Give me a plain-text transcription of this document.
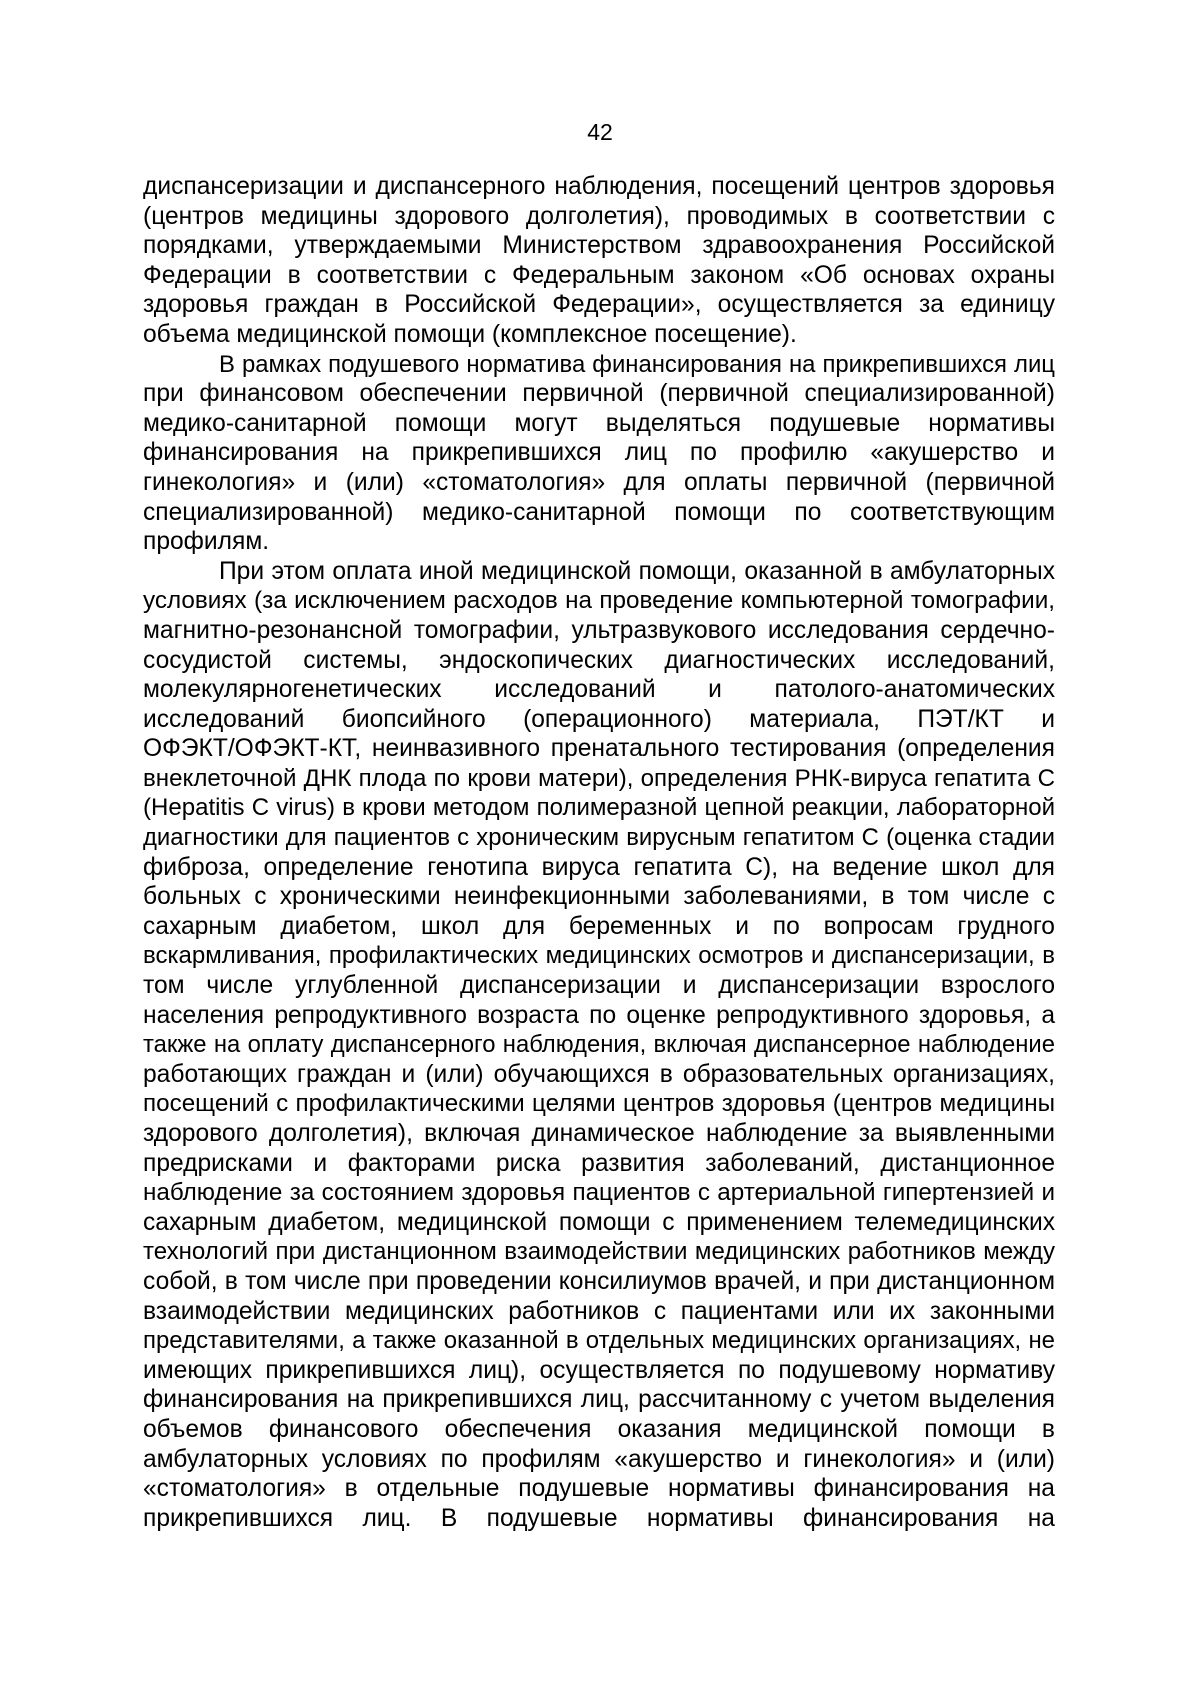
42
диспансеризации и диспансерного наблюдения, посещений центров здоровья
(центров медицины здорового долголетия), проводимых в соответствии с
порядками, утверждаемыми Министерством здравоохранения Российской
Федерации в соответствии с Федеральным законом «Об основах охраны
здоровья граждан в Российской Федерации», осуществляется за единицу
объема медицинской помощи (комплексное посещение).
В рамках подушевого норматива финансирования на прикрепившихся лиц
при финансовом обеспечении первичной (первичной специализированной)
медико-санитарной помощи могут выделяться подушевые нормативы
финансирования на прикрепившихся лиц по профилю «акушерство и
гинекология» и (или) «стоматология» для оплаты первичной (первичной
специализированной) медико-санитарной помощи по соответствующим
профилям.
При этом оплата иной медицинской помощи, оказанной в амбулаторных
условиях (за исключением расходов на проведение компьютерной томографии,
магнитно-резонансной томографии, ультразвукового исследования сердечно-
сосудистой системы, эндоскопических диагностических исследований,
молекулярногенетических исследований и патолого-анатомических
исследований биопсийного (операционного) материала, ПЭТ/КТ и
ОФЭКТ/ОФЭКТ-КТ, неинвазивного пренатального тестирования (определения
внеклеточной ДНК плода по крови матери), определения РНК-вируса гепатита С
(Hepatitis С virus) в крови методом полимеразной цепной реакции, лабораторной
диагностики для пациентов с хроническим вирусным гепатитом С (оценка стадии
фиброза, определение генотипа вируса гепатита С), на ведение школ для
больных с хроническими неинфекционными заболеваниями, в том числе с
сахарным диабетом, школ для беременных и по вопросам грудного
вскармливания, профилактических медицинских осмотров и диспансеризации, в
том числе углубленной диспансеризации и диспансеризации взрослого
населения репродуктивного возраста по оценке репродуктивного здоровья, а
также на оплату диспансерного наблюдения, включая диспансерное наблюдение
работающих граждан и (или) обучающихся в образовательных организациях,
посещений с профилактическими целями центров здоровья (центров медицины
здорового долголетия), включая динамическое наблюдение за выявленными
предрисками и факторами риска развития заболеваний, дистанционное
наблюдение за состоянием здоровья пациентов с артериальной гипертензией и
сахарным диабетом, медицинской помощи с применением телемедицинских
технологий при дистанционном взаимодействии медицинских работников между
собой, в том числе при проведении консилиумов врачей, и при дистанционном
взаимодействии медицинских работников с пациентами или их законными
представителями, а также оказанной в отдельных медицинских организациях, не
имеющих прикрепившихся лиц), осуществляется по подушевому нормативу
финансирования на прикрепившихся лиц, рассчитанному с учетом выделения
объемов финансового обеспечения оказания медицинской помощи в
амбулаторных условиях по профилям «акушерство и гинекология» и (или)
«стоматология» в отдельные подушевые нормативы финансирования на
прикрепившихся лиц. В подушевые нормативы финансирования на
